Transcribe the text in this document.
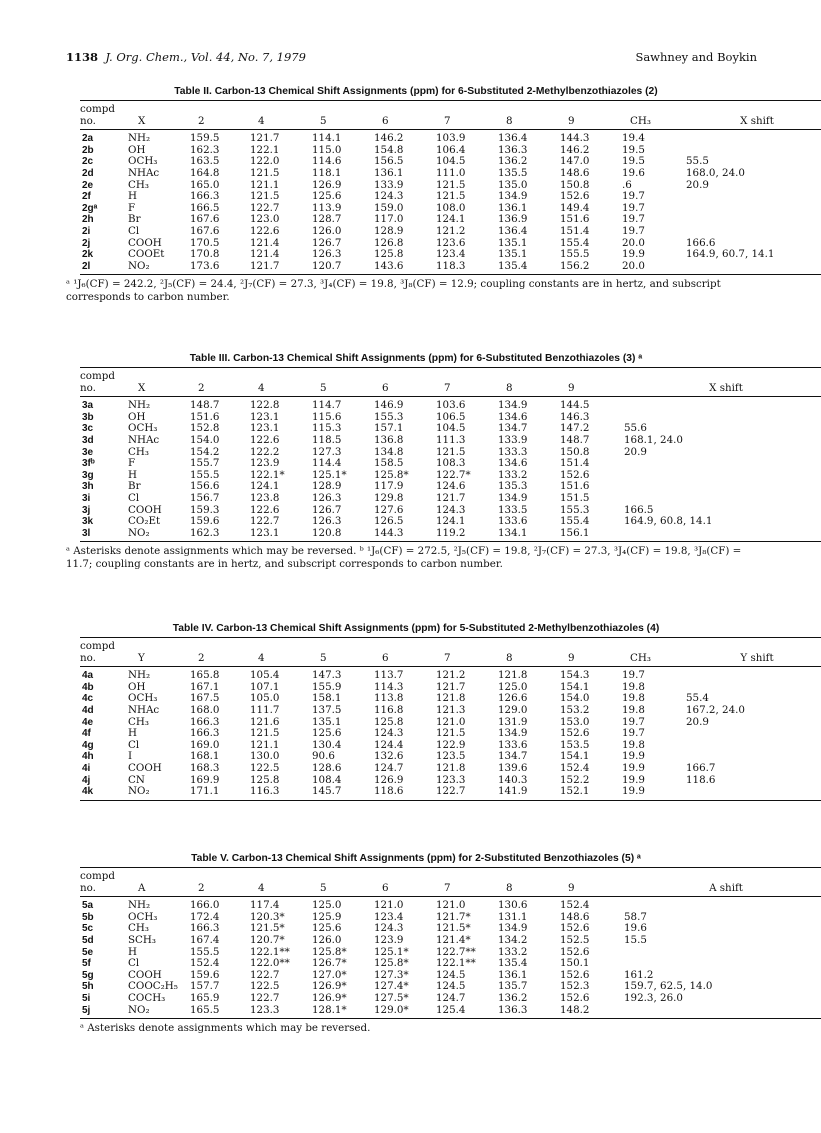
1138 J. Org. Chem., Vol. 44, No. 7, 1979	Sawhney and Boykin
Table II. Carbon-13 Chemical Shift Assignments (ppm) for 6-Substituted 2-Methylbenzothiazoles (2)
compd										
no.	X	2	4	5	6	7	8	9	CH₃	X shift
2a	NH₂	159.5	121.7	114.1	146.2	103.9	136.4	144.3	19.4	
2b	OH	162.3	122.1	115.0	154.8	106.4	136.3	146.2	19.5	
2c	OCH₃	163.5	122.0	114.6	156.5	104.5	136.2	147.0	19.5	55.5
2d	NHAc	164.8	121.5	118.1	136.1	111.0	135.5	148.6	19.6	168.0, 24.0
2e	CH₃	165.0	121.1	126.9	133.9	121.5	135.0	150.8	.6	20.9
2f	H	166.3	121.5	125.6	124.3	121.5	134.9	152.6	19.7	
2gᵃ	F	166.5	122.7	113.9	159.0	108.0	136.1	149.4	19.7	
2h	Br	167.6	123.0	128.7	117.0	124.1	136.9	151.6	19.7	
2i	Cl	167.6	122.6	126.0	128.9	121.2	136.4	151.4	19.7	
2j	COOH	170.5	121.4	126.7	126.8	123.6	135.1	155.4	20.0	166.6
2k	COOEt	170.8	121.4	126.3	125.8	123.4	135.1	155.5	19.9	164.9, 60.7, 14.1
2l	NO₂	173.6	121.7	120.7	143.6	118.3	135.4	156.2	20.0	
ᵃ ¹J₆(CF) = 242.2, ²J₅(CF) = 24.4, ²J₇(CF) = 27.3, ³J₄(CF) = 19.8, ³J₈(CF) = 12.9; coupling constants are in hertz, and subscript corresponds to carbon number.
Table III. Carbon-13 Chemical Shift Assignments (ppm) for 6-Substituted Benzothiazoles (3) ᵃ
compd									
no.	X	2	4	5	6	7	8	9	X shift
3a	NH₂	148.7	122.8	114.7	146.9	103.6	134.9	144.5	
3b	OH	151.6	123.1	115.6	155.3	106.5	134.6	146.3	
3c	OCH₃	152.8	123.1	115.3	157.1	104.5	134.7	147.2	55.6
3d	NHAc	154.0	122.6	118.5	136.8	111.3	133.9	148.7	168.1, 24.0
3e	CH₃	154.2	122.2	127.3	134.8	121.5	133.3	150.8	20.9
3fᵇ	F	155.7	123.9	114.4	158.5	108.3	134.6	151.4	
3g	H	155.5	122.1*	125.1*	125.8*	122.7*	133.2	152.6	
3h	Br	156.6	124.1	128.9	117.9	124.6	135.3	151.6	
3i	Cl	156.7	123.8	126.3	129.8	121.7	134.9	151.5	
3j	COOH	159.3	122.6	126.7	127.6	124.3	133.5	155.3	166.5
3k	CO₂Et	159.6	122.7	126.3	126.5	124.1	133.6	155.4	164.9, 60.8, 14.1
3l	NO₂	162.3	123.1	120.8	144.3	119.2	134.1	156.1	
ᵃ Asterisks denote assignments which may be reversed. ᵇ ¹J₆(CF) = 272.5, ²J₅(CF) = 19.8, ²J₇(CF) = 27.3, ³J₄(CF) = 19.8, ³J₈(CF) = 11.7; coupling constants are in hertz, and subscript corresponds to carbon number.
Table IV. Carbon-13 Chemical Shift Assignments (ppm) for 5-Substituted 2-Methylbenzothiazoles (4)
compd										
no.	Y	2	4	5	6	7	8	9	CH₃	Y shift
4a	NH₂	165.8	105.4	147.3	113.7	121.2	121.8	154.3	19.7	
4b	OH	167.1	107.1	155.9	114.3	121.7	125.0	154.1	19.8	
4c	OCH₃	167.5	105.0	158.1	113.8	121.8	126.6	154.0	19.8	55.4
4d	NHAc	168.0	111.7	137.5	116.8	121.3	129.0	153.2	19.8	167.2, 24.0
4e	CH₃	166.3	121.6	135.1	125.8	121.0	131.9	153.0	19.7	20.9
4f	H	166.3	121.5	125.6	124.3	121.5	134.9	152.6	19.7	
4g	Cl	169.0	121.1	130.4	124.4	122.9	133.6	153.5	19.8	
4h	I	168.1	130.0	90.6	132.6	123.5	134.7	154.1	19.9	
4i	COOH	168.3	122.5	128.6	124.7	121.8	139.6	152.4	19.9	166.7
4j	CN	169.9	125.8	108.4	126.9	123.3	140.3	152.2	19.9	118.6
4k	NO₂	171.1	116.3	145.7	118.6	122.7	141.9	152.1	19.9	
Table V. Carbon-13 Chemical Shift Assignments (ppm) for 2-Substituted Benzothiazoles (5) ᵃ
compd									
no.	A	2	4	5	6	7	8	9	A shift
5a	NH₂	166.0	117.4	125.0	121.0	121.0	130.6	152.4	
5b	OCH₃	172.4	120.3*	125.9	123.4	121.7*	131.1	148.6	58.7
5c	CH₃	166.3	121.5*	125.6	124.3	121.5*	134.9	152.6	19.6
5d	SCH₃	167.4	120.7*	126.0	123.9	121.4*	134.2	152.5	15.5
5e	H	155.5	122.1**	125.8*	125.1*	122.7**	133.2	152.6	
5f	Cl	152.4	122.0**	126.7*	125.8*	122.1**	135.4	150.1	
5g	COOH	159.6	122.7	127.0*	127.3*	124.5	136.1	152.6	161.2
5h	COOC₂H₅	157.7	122.5	126.9*	127.4*	124.5	135.7	152.3	159.7, 62.5, 14.0
5i	COCH₃	165.9	122.7	126.9*	127.5*	124.7	136.2	152.6	192.3, 26.0
5j	NO₂	165.5	123.3	128.1*	129.0*	125.4	136.3	148.2	
ᵃ Asterisks denote assignments which may be reversed.
